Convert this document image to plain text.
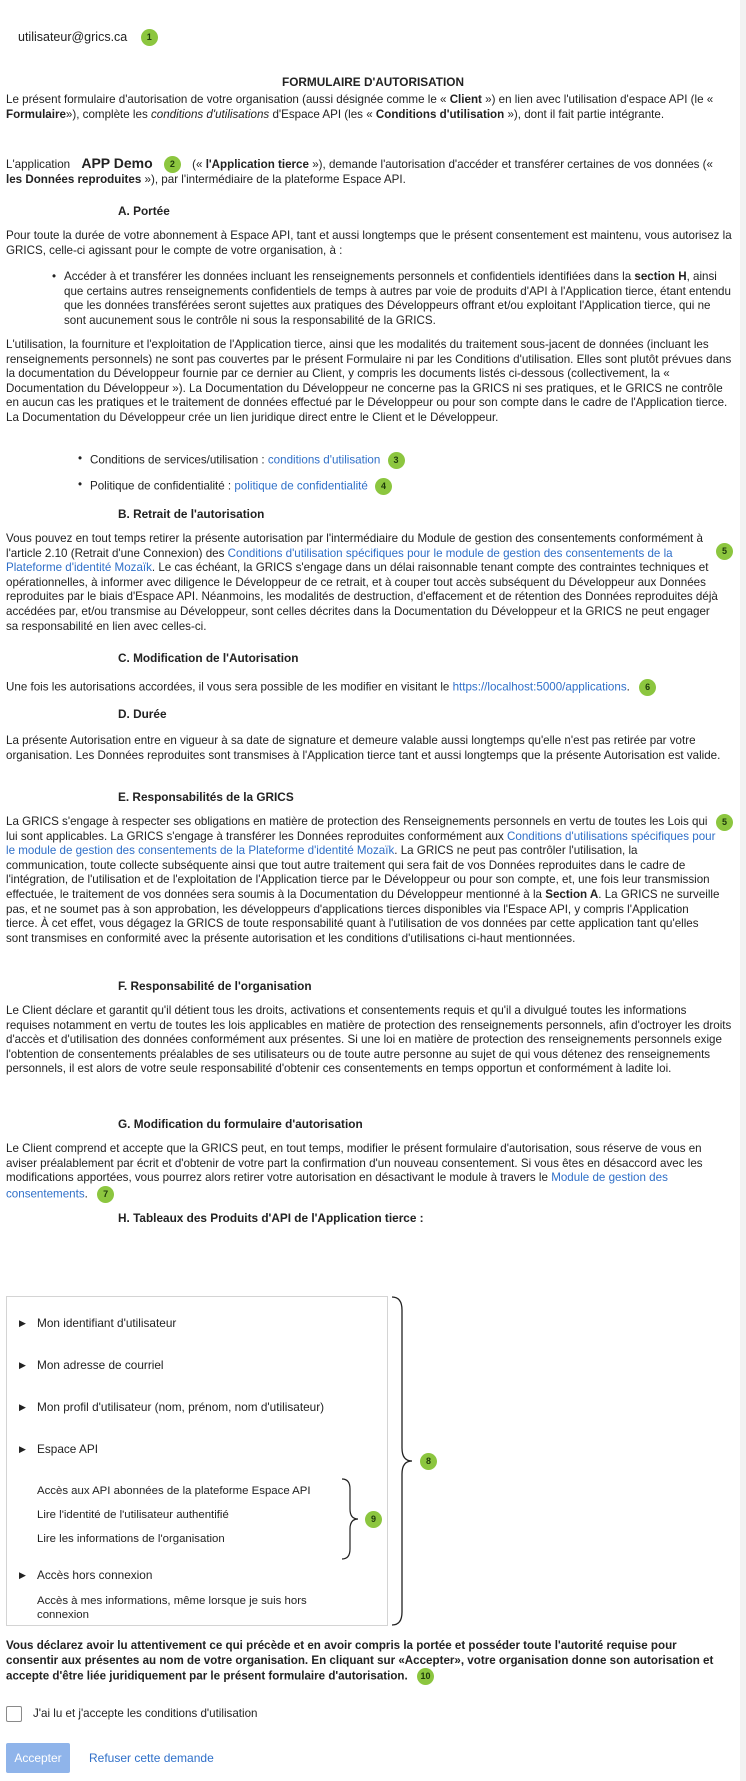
utilisateur@grics.ca 1

FORMULAIRE D'AUTORISATION

Le présent formulaire d'autorisation de votre organisation (aussi désignée comme le « Client ») en lien avec l'utilisation d'espace API (le « Formulaire»), complète les conditions d'utilisations d'Espace API (les « Conditions d'utilisation »), dont il fait partie intégrante.

L'application APP Demo 2 (« l'Application tierce »), demande l'autorisation d'accéder et transférer certaines de vos données (« les Données reproduites »), par l'intermédiaire de la plateforme Espace API.

A. Portée

Pour toute la durée de votre abonnement à Espace API, tant et aussi longtemps que le présent consentement est maintenu, vous autorisez la GRICS, celle-ci agissant pour le compte de votre organisation, à :

• Accéder à et transférer les données incluant les renseignements personnels et confidentiels identifiées dans la section H, ainsi que certains autres renseignements confidentiels de temps à autres par voie de produits d'API à l'Application tierce, étant entendu que les données transférées seront sujettes aux pratiques des Développeurs offrant et/ou exploitant l'Application tierce, qui ne sont aucunement sous le contrôle ni sous la responsabilité de la GRICS.

L'utilisation, la fourniture et l'exploitation de l'Application tierce, ainsi que les modalités du traitement sous-jacent de données (incluant les renseignements personnels) ne sont pas couvertes par le présent Formulaire ni par les Conditions d'utilisation. Elles sont plutôt prévues dans la documentation du Développeur fournie par ce dernier au Client, y compris les documents listés ci-dessous (collectivement, la « Documentation du Développeur »). La Documentation du Développeur ne concerne pas la GRICS ni ses pratiques, et le GRICS ne contrôle en aucun cas les pratiques et le traitement de données effectué par le Développeur ou pour son compte dans le cadre de l'Application tierce. La Documentation du Développeur crée un lien juridique direct entre le Client et le Développeur.

• Conditions de services/utilisation : conditions d'utilisation 3
• Politique de confidentialité : politique de confidentialité 4

B. Retrait de l'autorisation

Vous pouvez en tout temps retirer la présente autorisation par l'intermédiaire du Module de gestion des consentements conformément à l'article 2.10 (Retrait d'une Connexion) des Conditions d'utilisation spécifiques pour le module de gestion des consentements de la Plateforme d'identité Mozaïk. Le cas échéant, la GRICS s'engage dans un délai raisonnable tenant compte des contraintes techniques et opérationnelles, à informer avec diligence le Développeur de ce retrait, et à couper tout accès subséquent du Développeur aux Données reproduites par le biais d'Espace API. Néanmoins, les modalités de destruction, d'effacement et de rétention des Données reproduites déjà accédées par, et/ou transmise au Développeur, sont celles décrites dans la Documentation du Développeur et la GRICS ne peut engager sa responsabilité en lien avec celles-ci.

5

C. Modification de l'Autorisation

Une fois les autorisations accordées, il vous sera possible de les modifier en visitant le https://localhost:5000/applications. 6

D. Durée

La présente Autorisation entre en vigueur à sa date de signature et demeure valable aussi longtemps qu'elle n'est pas retirée par votre organisation. Les Données reproduites sont transmises à l'Application tierce tant et aussi longtemps que la présente Autorisation est valide.

E. Responsabilités de la GRICS

La GRICS s'engage à respecter ses obligations en matière de protection des Renseignements personnels en vertu de toutes les Lois qui lui sont applicables. La GRICS s'engage à transférer les Données reproduites conformément aux Conditions d'utilisations spécifiques pour le module de gestion des consentements de la Plateforme d'identité Mozaïk. La GRICS ne peut pas contrôler l'utilisation, la communication, toute collecte subséquente ainsi que tout autre traitement qui sera fait de vos Données reproduites dans le cadre de l'intégration, de l'utilisation et de l'exploitation de l'Application tierce par le Développeur ou pour son compte, et, une fois leur transmission effectuée, le traitement de vos données sera soumis à la Documentation du Développeur mentionné à la Section A. La GRICS ne surveille pas, et ne soumet pas à son approbation, les développeurs d'applications tierces disponibles via l'Espace API, y compris l'Application tierce. À cet effet, vous dégagez la GRICS de toute responsabilité quant à l'utilisation de vos données par cette application tant qu'elles sont transmises en conformité avec la présente autorisation et les conditions d'utilisations ci-haut mentionnées.

5

F. Responsabilité de l'organisation

Le Client déclare et garantit qu'il détient tous les droits, activations et consentements requis et qu'il a divulgué toutes les informations requises notamment en vertu de toutes les lois applicables en matière de protection des renseignements personnels, afin d'octroyer les droits d'accès et d'utilisation des données conformément aux présentes. Si une loi en matière de protection des renseignements personnels exige l'obtention de consentements préalables de ses utilisateurs ou de toute autre personne au sujet de qui vous détenez des renseignements personnels, il est alors de votre seule responsabilité d'obtenir ces consentements en temps opportun et conformément à ladite loi.

G. Modification du formulaire d'autorisation

Le Client comprend et accepte que la GRICS peut, en tout temps, modifier le présent formulaire d'autorisation, sous réserve de vous en aviser préalablement par écrit et d'obtenir de votre part la confirmation d'un nouveau consentement. Si vous êtes en désaccord avec les modifications apportées, vous pourrez alors retirer votre autorisation en désactivant le module à travers le Module de gestion des consentements. 7

H. Tableaux des Produits d'API de l'Application tierce :

▶ Mon identifiant d'utilisateur
▶ Mon adresse de courriel
▶ Mon profil d'utilisateur (nom, prénom, nom d'utilisateur)
▶ Espace API
Accès aux API abonnées de la plateforme Espace API
Lire l'identité de l'utilisateur authentifié
Lire les informations de l'organisation
▶ Accès hors connexion
Accès à mes informations, même lorsque je suis hors connexion
8
9

Vous déclarez avoir lu attentivement ce qui précède et en avoir compris la portée et posséder toute l'autorité requise pour consentir aux présentes au nom de votre organisation. En cliquant sur «Accepter», votre organisation donne son autorisation et accepte d'être liée juridiquement par le présent formulaire d'autorisation. 10

J'ai lu et j'accepte les conditions d'utilisation
Accepter	Refuser cette demande
